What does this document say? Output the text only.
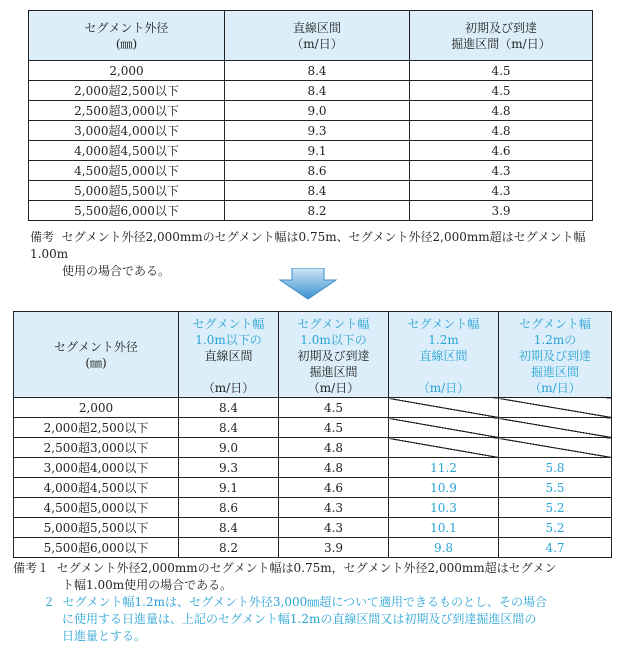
セグメント外径
(㎜)	直線区間
（m/日）	初期及び到達
掘進区間（m/日）

2,000	8.4	4.5
2,000超2,500以下	8.4	4.5
2,500超3,000以下	9.0	4.8
3,000超4,000以下	9.3	4.8
4,000超4,500以下	9.1	4.6
4,500超5,000以下	8.6	4.3
5,000超5,500以下	8.4	4.3
5,500超6,000以下	8.2	3.9
備考 セグメント外径2,000mmのセグメント幅は0.75m、セグメント外径2,000mm超はセグメント幅1.00m
使用の場合である。
セグメント外径
(㎜)	セグメント幅
1.0m以下の
直線区間

（m/日）	セグメント幅
1.0m以下の
初期及び到達
掘進区間
（m/日）	セグメント幅
1.2m
直線区間

（m/日）	セグメント幅
1.2mの
初期及び到達
掘進区間
（m/日）

2,000	8.4	4.5		
2,000超2,500以下	8.4	4.5		
2,500超3,000以下	9.0	4.8		
3,000超4,000以下	9.3	4.8	11.2	5.8
4,000超4,500以下	9.1	4.6	10.9	5.5
4,500超5,000以下	8.6	4.3	10.3	5.2
5,000超5,500以下	8.4	4.3	10.1	5.2
5,500超6,000以下	8.2	3.9	9.8	4.7
備考１ セグメント外径2,000mmのセグメント幅は0.75m，セグメント外径2,000mm超はセグメン
ト幅1.00m使用の場合である。
２ セグメント幅1.2mは、セグメント外径3,000㎜超について適用できるものとし、その場合
に使用する日進量は、上記のセグメント幅1.2mの直線区間又は初期及び到達掘進区間の
日進量とする。
